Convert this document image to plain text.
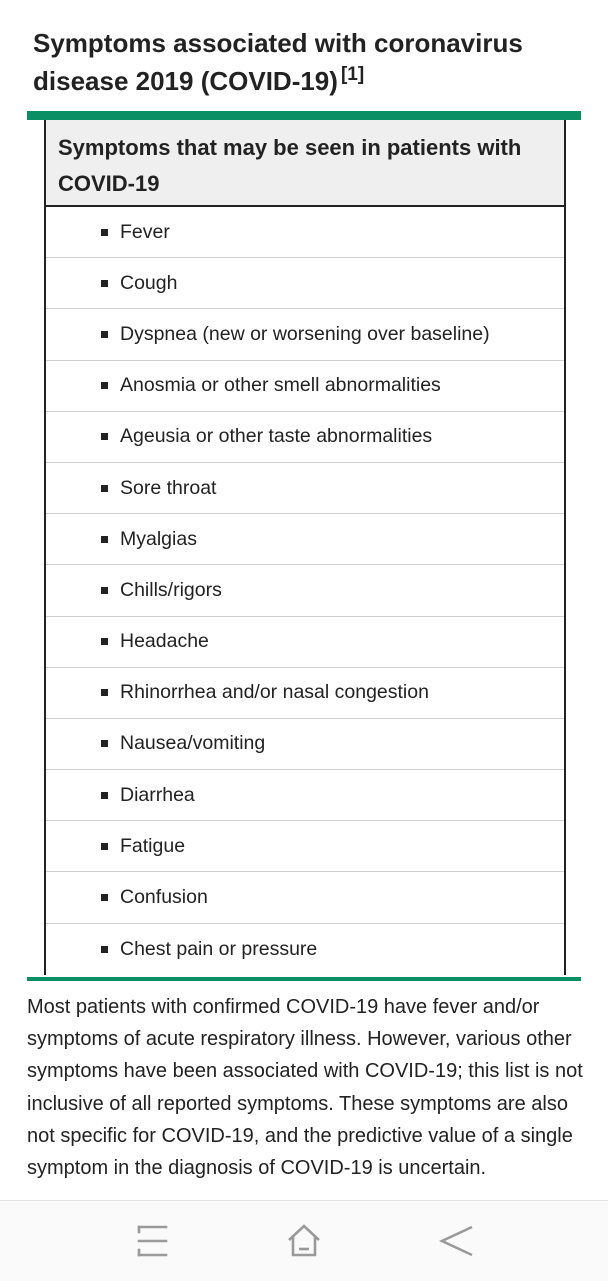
Symptoms associated with coronavirus disease 2019 (COVID-19) [1]
Symptoms that may be seen in patients with COVID-19
Fever
Cough
Dyspnea (new or worsening over baseline)
Anosmia or other smell abnormalities
Ageusia or other taste abnormalities
Sore throat
Myalgias
Chills/rigors
Headache
Rhinorrhea and/or nasal congestion
Nausea/vomiting
Diarrhea
Fatigue
Confusion
Chest pain or pressure

Most patients with confirmed COVID-19 have fever and/or symptoms of acute respiratory illness. However, various other symptoms have been associated with COVID-19; this list is not inclusive of all reported symptoms. These symptoms are also not specific for COVID-19, and the predictive value of a single symptom in the diagnosis of COVID-19 is uncertain.
